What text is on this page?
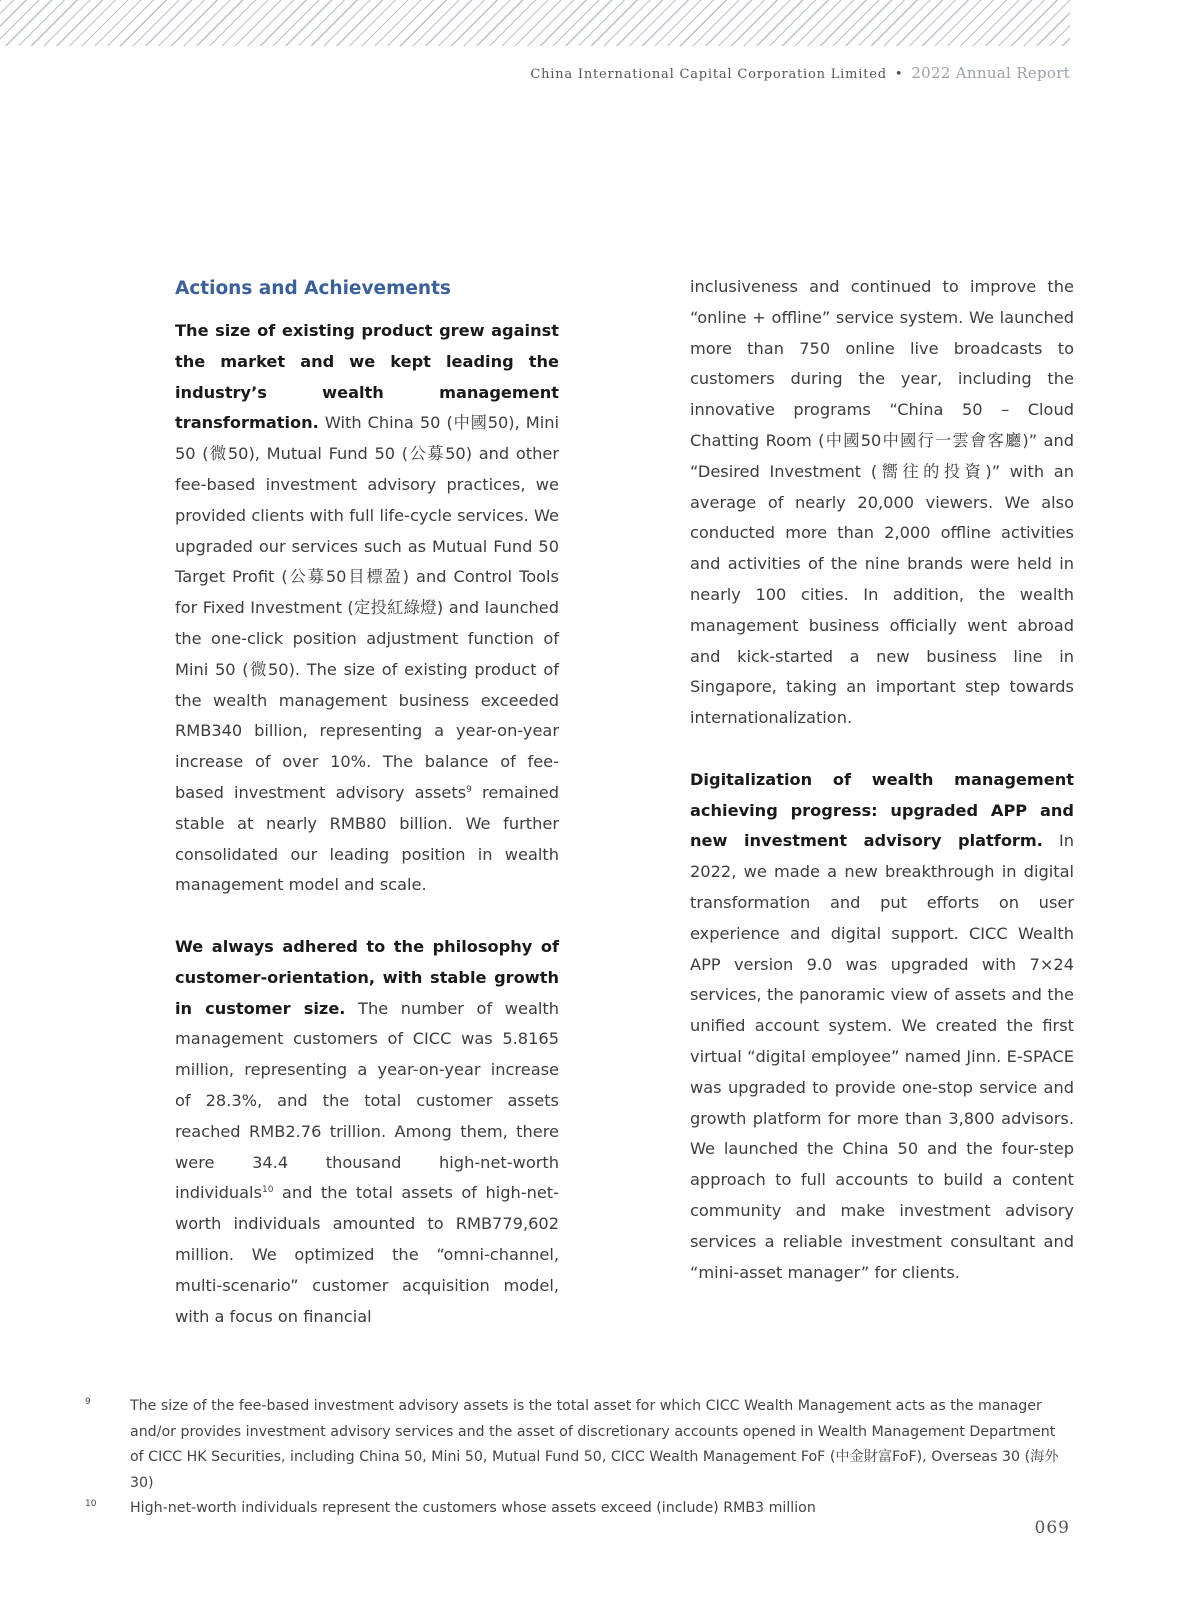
China International Capital Corporation Limited • 2022 Annual Report
Actions and Achievements

The size of existing product grew against the market and we kept leading the industry’s wealth management transformation. With China 50 (中國50), Mini 50 (微50), Mutual Fund 50 (公募50) and other fee-based investment advisory practices, we provided clients with full life-cycle services. We upgraded our services such as Mutual Fund 50 Target Profit (公募50目標盈) and Control Tools for Fixed Investment (定投紅綠燈) and launched the one-click position adjustment function of Mini 50 (微50). The size of existing product of the wealth management business exceeded RMB340 billion, representing a year-on-year increase of over 10%. The balance of fee-based investment advisory assets$^9$ remained stable at nearly RMB80 billion. We further consolidated our leading position in wealth management model and scale.

We always adhered to the philosophy of customer-orientation, with stable growth in customer size. The number of wealth management customers of CICC was 5.8165 million, representing a year-on-year increase of 28.3%, and the total customer assets reached RMB2.76 trillion. Among them, there were 34.4 thousand high-net-worth individuals$^{10}$ and the total assets of high-net-worth individuals amounted to RMB779,602 million. We optimized the “omni-channel, multi-scenario” customer acquisition model, with a focus on financial

inclusiveness and continued to improve the “online + offline” service system. We launched more than 750 online live broadcasts to customers during the year, including the innovative programs “China 50 – Cloud Chatting Room (中國50中國行一雲會客廳)” and “Desired Investment (嚮往的投資)” with an average of nearly 20,000 viewers. We also conducted more than 2,000 offline activities and activities of the nine brands were held in nearly 100 cities. In addition, the wealth management business officially went abroad and kick-started a new business line in Singapore, taking an important step towards internationalization.

Digitalization of wealth management achieving progress: upgraded APP and new investment advisory platform. In 2022, we made a new breakthrough in digital transformation and put efforts on user experience and digital support. CICC Wealth APP version 9.0 was upgraded with 7×24 services, the panoramic view of assets and the unified account system. We created the first virtual “digital employee” named Jinn. E-SPACE was upgraded to provide one-stop service and growth platform for more than 3,800 advisors. We launched the China 50 and the four-step approach to full accounts to build a content community and make investment advisory services a reliable investment consultant and “mini-asset manager” for clients.

9	The size of the fee-based investment advisory assets is the total asset for which CICC Wealth Management acts as the manager and/or provides investment advisory services and the asset of discretionary accounts opened in Wealth Management Department of CICC HK Securities, including China 50, Mini 50, Mutual Fund 50, CICC Wealth Management FoF (中金財富FoF), Overseas 30 (海外30)
10 High-net-worth individuals represent the customers whose assets exceed (include) RMB3 million
069
